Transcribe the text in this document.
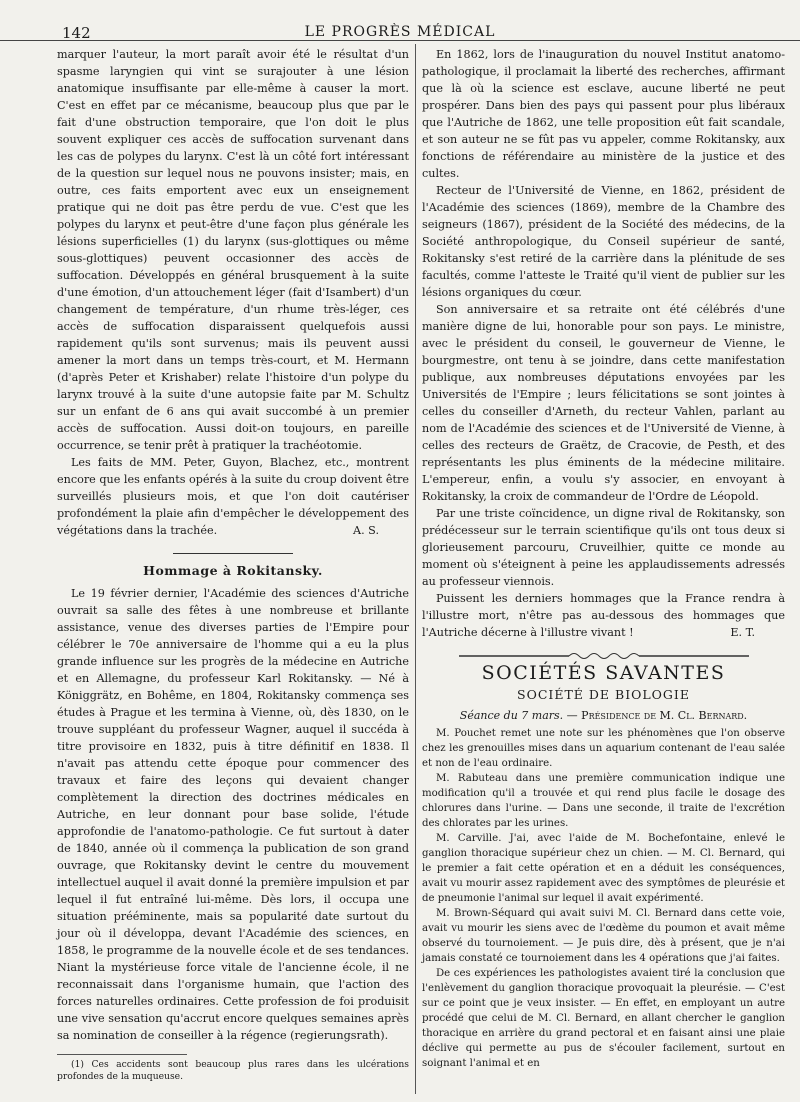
142	LE PROGRÈS MÉDICAL

marquer l'auteur, la mort paraît avoir été le résultat d'un spasme laryngien qui vint se surajouter à une lésion anatomique insuffisante par elle-même à causer la mort. C'est en effet par ce mécanisme, beaucoup plus que par le fait d'une obstruction temporaire, que l'on doit le plus souvent expliquer ces accès de suffocation survenant dans les cas de polypes du larynx. C'est là un côté fort intéressant de la question sur lequel nous ne pouvons insister; mais, en outre, ces faits emportent avec eux un enseignement pratique qui ne doit pas être perdu de vue. C'est que les polypes du larynx et peut-être d'une façon plus générale les lésions superficielles (1) du larynx (sus-glottiques ou même sous-glottiques) peuvent occasionner des accès de suffocation. Développés en général brusquement à la suite d'une émotion, d'un attouchement léger (fait d'Isambert) d'un changement de température, d'un rhume très-léger, ces accès de suffocation disparaissent quelquefois aussi rapidement qu'ils sont survenus; mais ils peuvent aussi amener la mort dans un temps très-court, et M. Hermann (d'après Peter et Krishaber) relate l'histoire d'un polype du larynx trouvé à la suite d'une autopsie faite par M. Schultz sur un enfant de 6 ans qui avait succombé à un premier accès de suffocation. Aussi doit-on toujours, en pareille occurrence, se tenir prêt à pratiquer la trachéotomie.

Les faits de MM. Peter, Guyon, Blachez, etc., montrent encore que les enfants opérés à la suite du croup doivent être surveillés plusieurs mois, et que l'on doit cautériser profondément la plaie afin d'empêcher le développement des végétations dans la trachée.	A. S.

Hommage à Rokitansky.

Le 19 février dernier, l'Académie des sciences d'Autriche ouvrait sa salle des fêtes à une nombreuse et brillante assistance, venue des diverses parties de l'Empire pour célébrer le 70e anniversaire de l'homme qui a eu la plus grande influence sur les progrès de la médecine en Autriche et en Allemagne, du professeur Karl Rokitansky. — Né à Königgrätz, en Bohême, en 1804, Rokitansky commença ses études à Prague et les termina à Vienne, où, dès 1830, on le trouve suppléant du professeur Wagner, auquel il succéda à titre provisoire en 1832, puis à titre définitif en 1838. Il n'avait pas attendu cette époque pour commencer des travaux et faire des leçons qui devaient changer complètement la direction des doctrines médicales en Autriche, en leur donnant pour base solide, l'étude approfondie de l'anatomo-pathologie. Ce fut surtout à dater de 1840, année où il commença la publication de son grand ouvrage, que Rokitansky devint le centre du mouvement intellectuel auquel il avait donné la première impulsion et par lequel il fut entraîné lui-même. Dès lors, il occupa une situation prééminente, mais sa popularité date surtout du jour où il développa, devant l'Académie des sciences, en 1858, le programme de la nouvelle école et de ses tendances. Niant la mystérieuse force vitale de l'ancienne école, il ne reconnaissait dans l'organisme humain, que l'action des forces naturelles ordinaires. Cette profession de foi produisit une vive sensation qu'accrut encore quelques semaines après sa nomination de conseiller à la régence (regierungsrath).

(1) Ces accidents sont beaucoup plus rares dans les ulcérations profondes de la muqueuse.

En 1862, lors de l'inauguration du nouvel Institut anatomo-pathologique, il proclamait la liberté des recherches, affirmant que là où la science est esclave, aucune liberté ne peut prospérer. Dans bien des pays qui passent pour plus libéraux que l'Autriche de 1862, une telle proposition eût fait scandale, et son auteur ne se fût pas vu appeler, comme Rokitansky, aux fonctions de référendaire au ministère de la justice et des cultes.

Recteur de l'Université de Vienne, en 1862, président de l'Académie des sciences (1869), membre de la Chambre des seigneurs (1867), président de la Société des médecins, de la Société anthropologique, du Conseil supérieur de santé, Rokitansky s'est retiré de la carrière dans la plénitude de ses facultés, comme l'atteste le Traité qu'il vient de publier sur les lésions organiques du cœur.

Son anniversaire et sa retraite ont été célébrés d'une manière digne de lui, honorable pour son pays. Le ministre, avec le président du conseil, le gouverneur de Vienne, le bourgmestre, ont tenu à se joindre, dans cette manifestation publique, aux nombreuses députations envoyées par les Universités de l'Empire ; leurs félicitations se sont jointes à celles du conseiller d'Arneth, du recteur Vahlen, parlant au nom de l'Académie des sciences et de l'Université de Vienne, à celles des recteurs de Graëtz, de Cracovie, de Pesth, et des représentants les plus éminents de la médecine militaire. L'empereur, enfin, a voulu s'y associer, en envoyant à Rokitansky, la croix de commandeur de l'Ordre de Léopold.

Par une triste coïncidence, un digne rival de Rokitansky, son prédécesseur sur le terrain scientifique qu'ils ont tous deux si glorieusement parcouru, Cruveilhier, quitte ce monde au moment où s'éteignent à peine les applaudissements adressés au professeur viennois.

Puissent les derniers hommages que la France rendra à l'illustre mort, n'être pas au-dessous des hommages que l'Autriche décerne à l'illustre vivant !	E. T.

SOCIÉTÉS SAVANTES
SOCIÉTÉ DE BIOLOGIE
Séance du 7 mars. — Présidence de M. Cl. Bernard.

M. Pouchet remet une note sur les phénomènes que l'on observe chez les grenouilles mises dans un aquarium contenant de l'eau salée et non de l'eau ordinaire.

M. Rabuteau dans une première communication indique une modification qu'il a trouvée et qui rend plus facile le dosage des chlorures dans l'urine. — Dans une seconde, il traite de l'excrétion des chlorates par les urines.

M. Carville. J'ai, avec l'aide de M. Bochefontaine, enlevé le ganglion thoracique supérieur chez un chien. — M. Cl. Bernard, qui le premier a fait cette opération et en a déduit les conséquences, avait vu mourir assez rapidement avec des symptômes de pleurésie et de pneumonie l'animal sur lequel il avait expérimenté.

M. Brown-Séquard qui avait suivi M. Cl. Bernard dans cette voie, avait vu mourir les siens avec de l'œdème du poumon et avait même observé du tournoiement. — Je puis dire, dès à présent, que je n'ai jamais constaté ce tournoiement dans les 4 opérations que j'ai faites.

De ces expériences les pathologistes avaient tiré la conclusion que l'enlèvement du ganglion thoracique provoquait la pleurésie. — C'est sur ce point que je veux insister. — En effet, en employant un autre procédé que celui de M. Cl. Bernard, en allant chercher le ganglion thoracique en arrière du grand pectoral et en faisant ainsi une plaie déclive qui permette au pus de s'écouler facilement, surtout en soignant l'animal et en
